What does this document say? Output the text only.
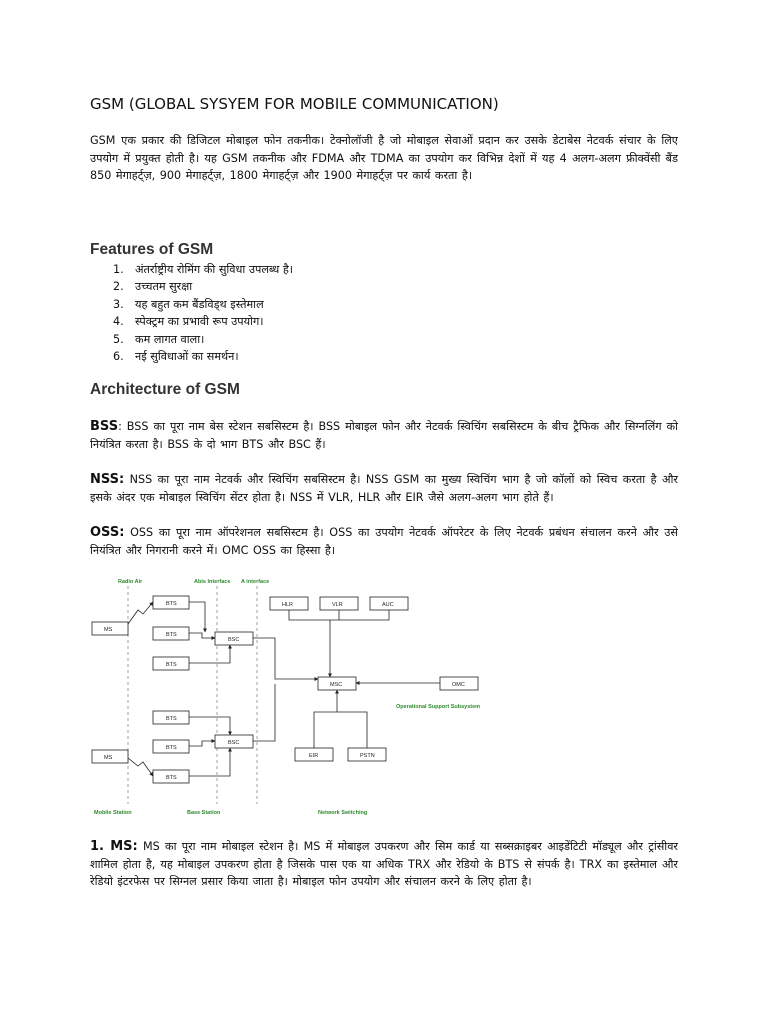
GSM (GLOBAL SYSYEM FOR MOBILE COMMUNICATION)
GSM एक प्रकार की डिजिटल मोबाइल फोन तकनीक। टेक्नोलॉजी है जो मोबाइल सेवाओं प्रदान कर उसके डेटाबेस नेटवर्क संचार के लिए उपयोग में प्रयुक्त होती है। यह GSM तकनीक और FDMA और TDMA का उपयोग कर विभिन्न देशों में यह 4 अलग-अलग फ्रीक्वेंसी बैंड 850 मेगाहर्ट्ज़, 900 मेगाहर्ट्ज़, 1800 मेगाहर्ट्ज़ और 1900 मेगाहर्ट्ज़ पर कार्य करता है।
Features of GSM
1. अंतर्राष्ट्रीय रोमिंग की सुविधा उपलब्ध है।
2. उच्चतम सुरक्षा
3. यह बहुत कम बैंडविड्थ इस्तेमाल
4. स्पेक्ट्रम का प्रभावी रूप उपयोग।
5. कम लागत वाला।
6. नई सुविधाओं का समर्थन।
Architecture of GSM
BSS: BSS का पूरा नाम बेस स्टेशन सबसिस्टम है। BSS मोबाइल फोन और नेटवर्क स्विचिंग सबसिस्टम के बीच ट्रैफिक और सिग्नलिंग को नियंत्रित करता है। BSS के दो भाग BTS और BSC हैं।
NSS: NSS का पूरा नाम नेटवर्क और स्विचिंग सबसिस्टम है। NSS GSM का मुख्य स्विचिंग भाग है जो कॉलों को स्विच करता है और इसके अंदर एक मोबाइल स्विचिंग सेंटर होता है। NSS में VLR, HLR और EIR जैसे अलग-अलग भाग होते हैं।
OSS: OSS का पूरा नाम ऑपरेशनल सबसिस्टम है। OSS का उपयोग नेटवर्क ऑपरेटर के लिए नेटवर्क प्रबंधन संचालन करने और उसे नियंत्रित और निगरानी करने में। OMC OSS का हिस्सा है।
Radio Air	Abis Interface A interface
Mobile Station	Base Station	Network Switching
Operational Support Subsystem
MS
BTS
BTS
BTS
BSC
BTS
BTS
BTS
BSC
MS
HLR	VLR	AUC
MSC	OMC
EIR	PSTN
1. MS: MS का पूरा नाम मोबाइल स्टेशन है। MS में मोबाइल उपकरण और सिम कार्ड या सब्सक्राइबर आइडेंटिटी मॉड्यूल और ट्रांसीवर शामिल होता है, यह मोबाइल उपकरण होता है जिसके पास एक या अधिक TRX और रेडियो के BTS से संपर्क है। TRX का इस्तेमाल और रेडियो इंटरफेस पर सिग्नल प्रसार किया जाता है। मोबाइल फोन उपयोग और संचालन करने के लिए होता है।
